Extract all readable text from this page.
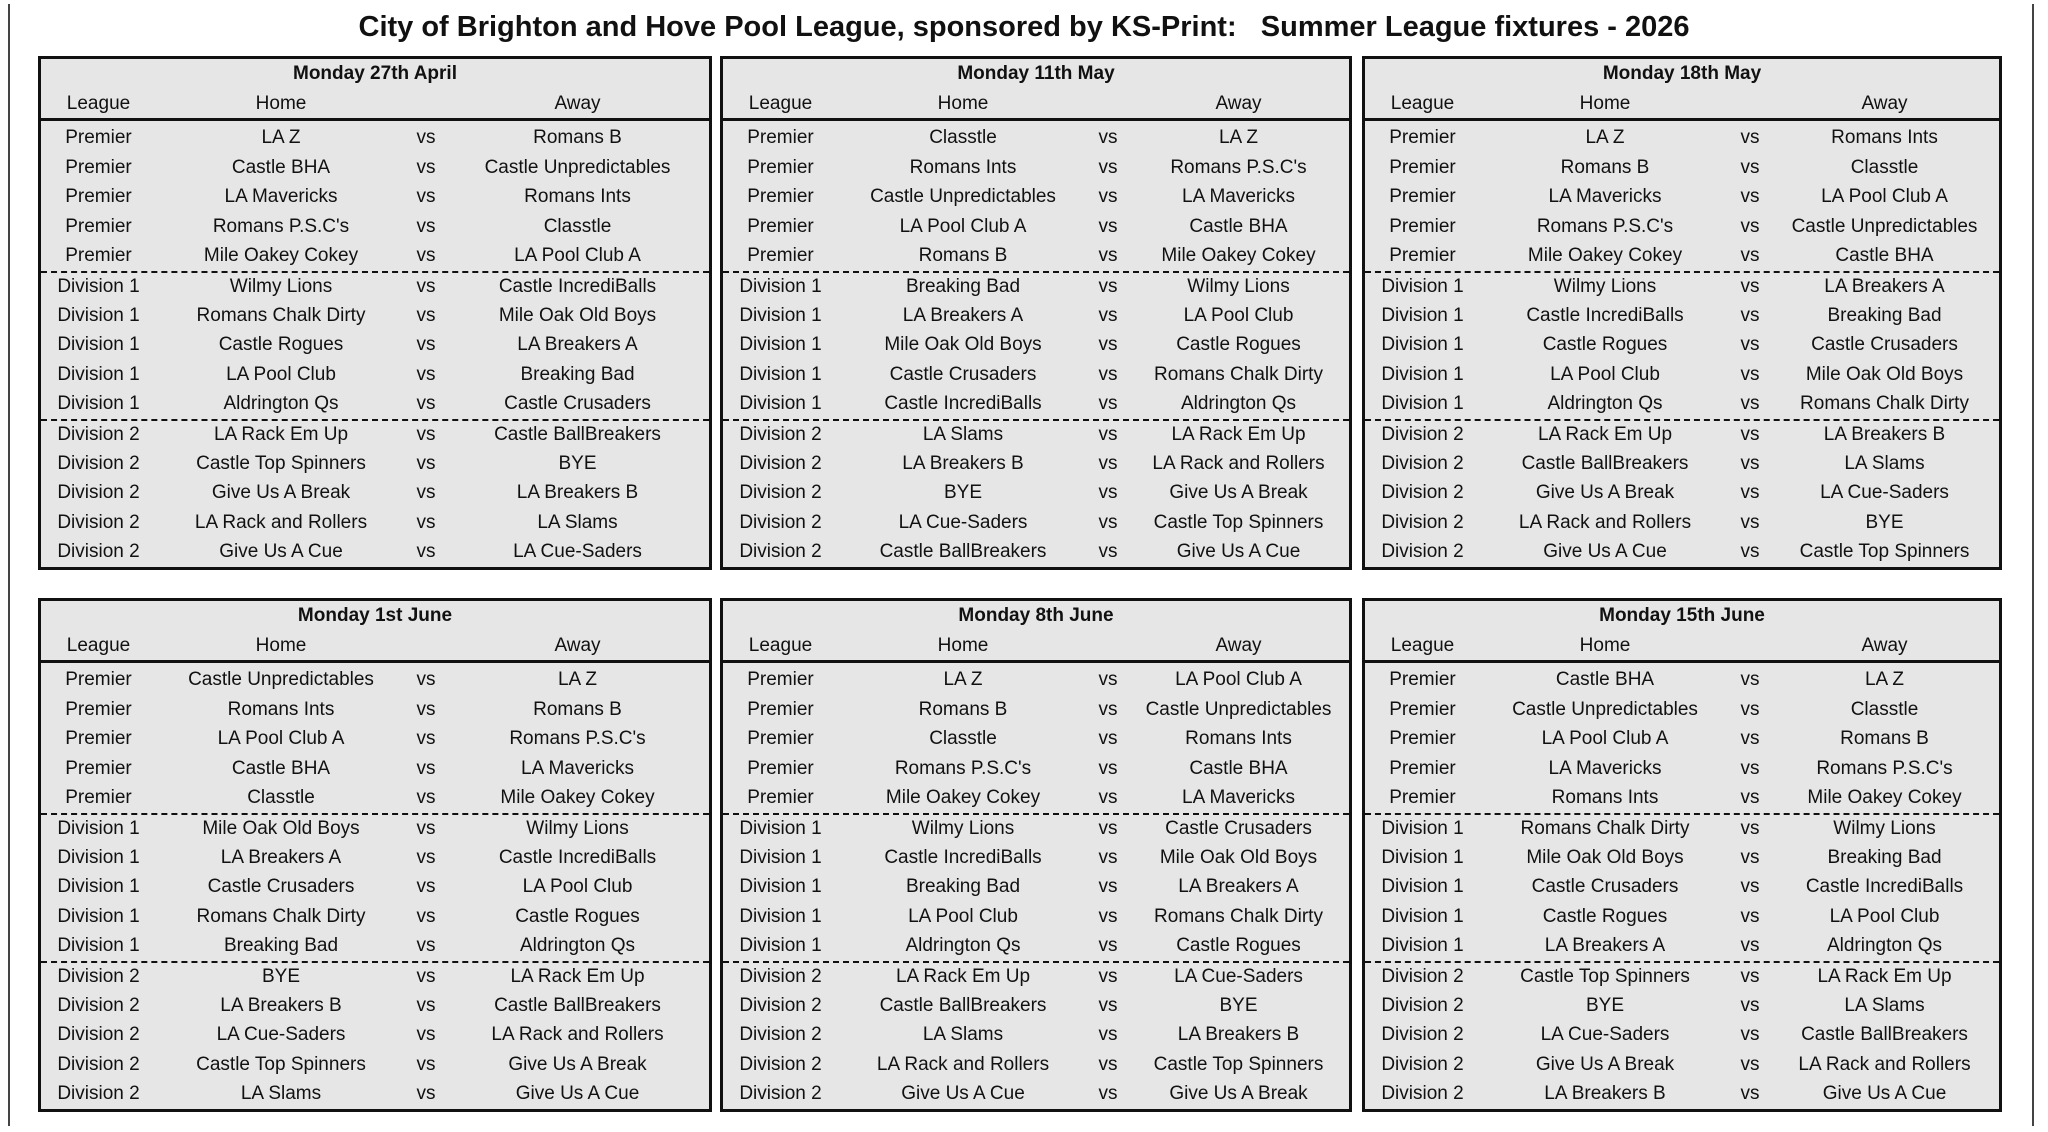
City of Brighton and Hove Pool League, sponsored by KS-Print:   Summer League fixtures - 2026
Monday 27th April
League	Home	Away
Premier	LA Z	vs	Romans B
Premier	Castle BHA	vs	Castle Unpredictables
Premier	LA Mavericks	vs	Romans Ints
Premier	Romans P.S.C's	vs	Classtle
Premier	Mile Oakey Cokey	vs	LA Pool Club A
Division 1	Wilmy Lions	vs	Castle IncrediBalls
Division 1	Romans Chalk Dirty	vs	Mile Oak Old Boys
Division 1	Castle Rogues	vs	LA Breakers A
Division 1	LA Pool Club	vs	Breaking Bad
Division 1	Aldrington Qs	vs	Castle Crusaders
Division 2	LA Rack Em Up	vs	Castle BallBreakers
Division 2	Castle Top Spinners	vs	BYE
Division 2	Give Us A Break	vs	LA Breakers B
Division 2	LA Rack and Rollers	vs	LA Slams
Division 2	Give Us A Cue	vs	LA Cue-Saders
Monday 11th May
League	Home	Away
Premier	Classtle	vs	LA Z
Premier	Romans Ints	vs	Romans P.S.C's
Premier	Castle Unpredictables	vs	LA Mavericks
Premier	LA Pool Club A	vs	Castle BHA
Premier	Romans B	vs	Mile Oakey Cokey
Division 1	Breaking Bad	vs	Wilmy Lions
Division 1	LA Breakers A	vs	LA Pool Club
Division 1	Mile Oak Old Boys	vs	Castle Rogues
Division 1	Castle Crusaders	vs	Romans Chalk Dirty
Division 1	Castle IncrediBalls	vs	Aldrington Qs
Division 2	LA Slams	vs	LA Rack Em Up
Division 2	LA Breakers B	vs	LA Rack and Rollers
Division 2	BYE	vs	Give Us A Break
Division 2	LA Cue-Saders	vs	Castle Top Spinners
Division 2	Castle BallBreakers	vs	Give Us A Cue
Monday 18th May
League	Home	Away
Premier	LA Z	vs	Romans Ints
Premier	Romans B	vs	Classtle
Premier	LA Mavericks	vs	LA Pool Club A
Premier	Romans P.S.C's	vs	Castle Unpredictables
Premier	Mile Oakey Cokey	vs	Castle BHA
Division 1	Wilmy Lions	vs	LA Breakers A
Division 1	Castle IncrediBalls	vs	Breaking Bad
Division 1	Castle Rogues	vs	Castle Crusaders
Division 1	LA Pool Club	vs	Mile Oak Old Boys
Division 1	Aldrington Qs	vs	Romans Chalk Dirty
Division 2	LA Rack Em Up	vs	LA Breakers B
Division 2	Castle BallBreakers	vs	LA Slams
Division 2	Give Us A Break	vs	LA Cue-Saders
Division 2	LA Rack and Rollers	vs	BYE
Division 2	Give Us A Cue	vs	Castle Top Spinners
Monday 1st June
League	Home	Away
Premier	Castle Unpredictables	vs	LA Z
Premier	Romans Ints	vs	Romans B
Premier	LA Pool Club A	vs	Romans P.S.C's
Premier	Castle BHA	vs	LA Mavericks
Premier	Classtle	vs	Mile Oakey Cokey
Division 1	Mile Oak Old Boys	vs	Wilmy Lions
Division 1	LA Breakers A	vs	Castle IncrediBalls
Division 1	Castle Crusaders	vs	LA Pool Club
Division 1	Romans Chalk Dirty	vs	Castle Rogues
Division 1	Breaking Bad	vs	Aldrington Qs
Division 2	BYE	vs	LA Rack Em Up
Division 2	LA Breakers B	vs	Castle BallBreakers
Division 2	LA Cue-Saders	vs	LA Rack and Rollers
Division 2	Castle Top Spinners	vs	Give Us A Break
Division 2	LA Slams	vs	Give Us A Cue
Monday 8th June
League	Home	Away
Premier	LA Z	vs	LA Pool Club A
Premier	Romans B	vs	Castle Unpredictables
Premier	Classtle	vs	Romans Ints
Premier	Romans P.S.C's	vs	Castle BHA
Premier	Mile Oakey Cokey	vs	LA Mavericks
Division 1	Wilmy Lions	vs	Castle Crusaders
Division 1	Castle IncrediBalls	vs	Mile Oak Old Boys
Division 1	Breaking Bad	vs	LA Breakers A
Division 1	LA Pool Club	vs	Romans Chalk Dirty
Division 1	Aldrington Qs	vs	Castle Rogues
Division 2	LA Rack Em Up	vs	LA Cue-Saders
Division 2	Castle BallBreakers	vs	BYE
Division 2	LA Slams	vs	LA Breakers B
Division 2	LA Rack and Rollers	vs	Castle Top Spinners
Division 2	Give Us A Cue	vs	Give Us A Break
Monday 15th June
League	Home	Away
Premier	Castle BHA	vs	LA Z
Premier	Castle Unpredictables	vs	Classtle
Premier	LA Pool Club A	vs	Romans B
Premier	LA Mavericks	vs	Romans P.S.C's
Premier	Romans Ints	vs	Mile Oakey Cokey
Division 1	Romans Chalk Dirty	vs	Wilmy Lions
Division 1	Mile Oak Old Boys	vs	Breaking Bad
Division 1	Castle Crusaders	vs	Castle IncrediBalls
Division 1	Castle Rogues	vs	LA Pool Club
Division 1	LA Breakers A	vs	Aldrington Qs
Division 2	Castle Top Spinners	vs	LA Rack Em Up
Division 2	BYE	vs	LA Slams
Division 2	LA Cue-Saders	vs	Castle BallBreakers
Division 2	Give Us A Break	vs	LA Rack and Rollers
Division 2	LA Breakers B	vs	Give Us A Cue
